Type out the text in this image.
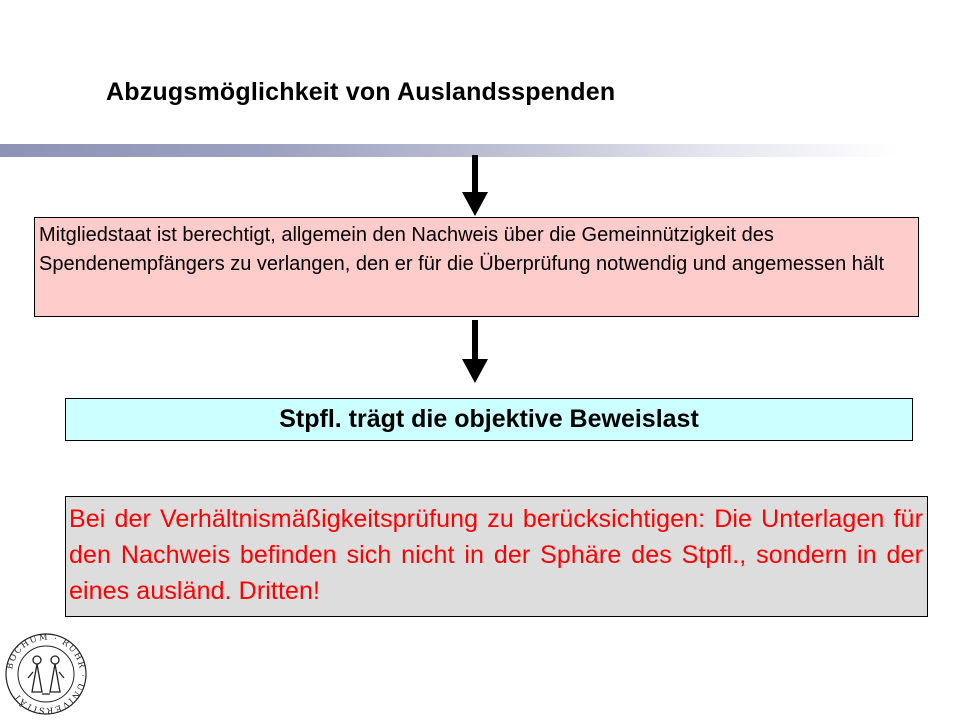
Abzugsmöglichkeit von Auslandsspenden
Mitgliedstaat ist berechtigt, allgemein den Nachweis über die Gemeinnützigkeit des Spendenempfängers zu verlangen, den er für die Überprüfung notwendig und angemessen hält
Stpfl. trägt die objektive Beweislast
Bei der Verhältnismäßigkeitsprüfung zu berücksichtigen: Die Unterlagen für den Nachweis befinden sich nicht in der Sphäre des Stpfl., sondern in der eines ausländ. Dritten!
BOCHUM · RUHR · UNIVERSITÄT
